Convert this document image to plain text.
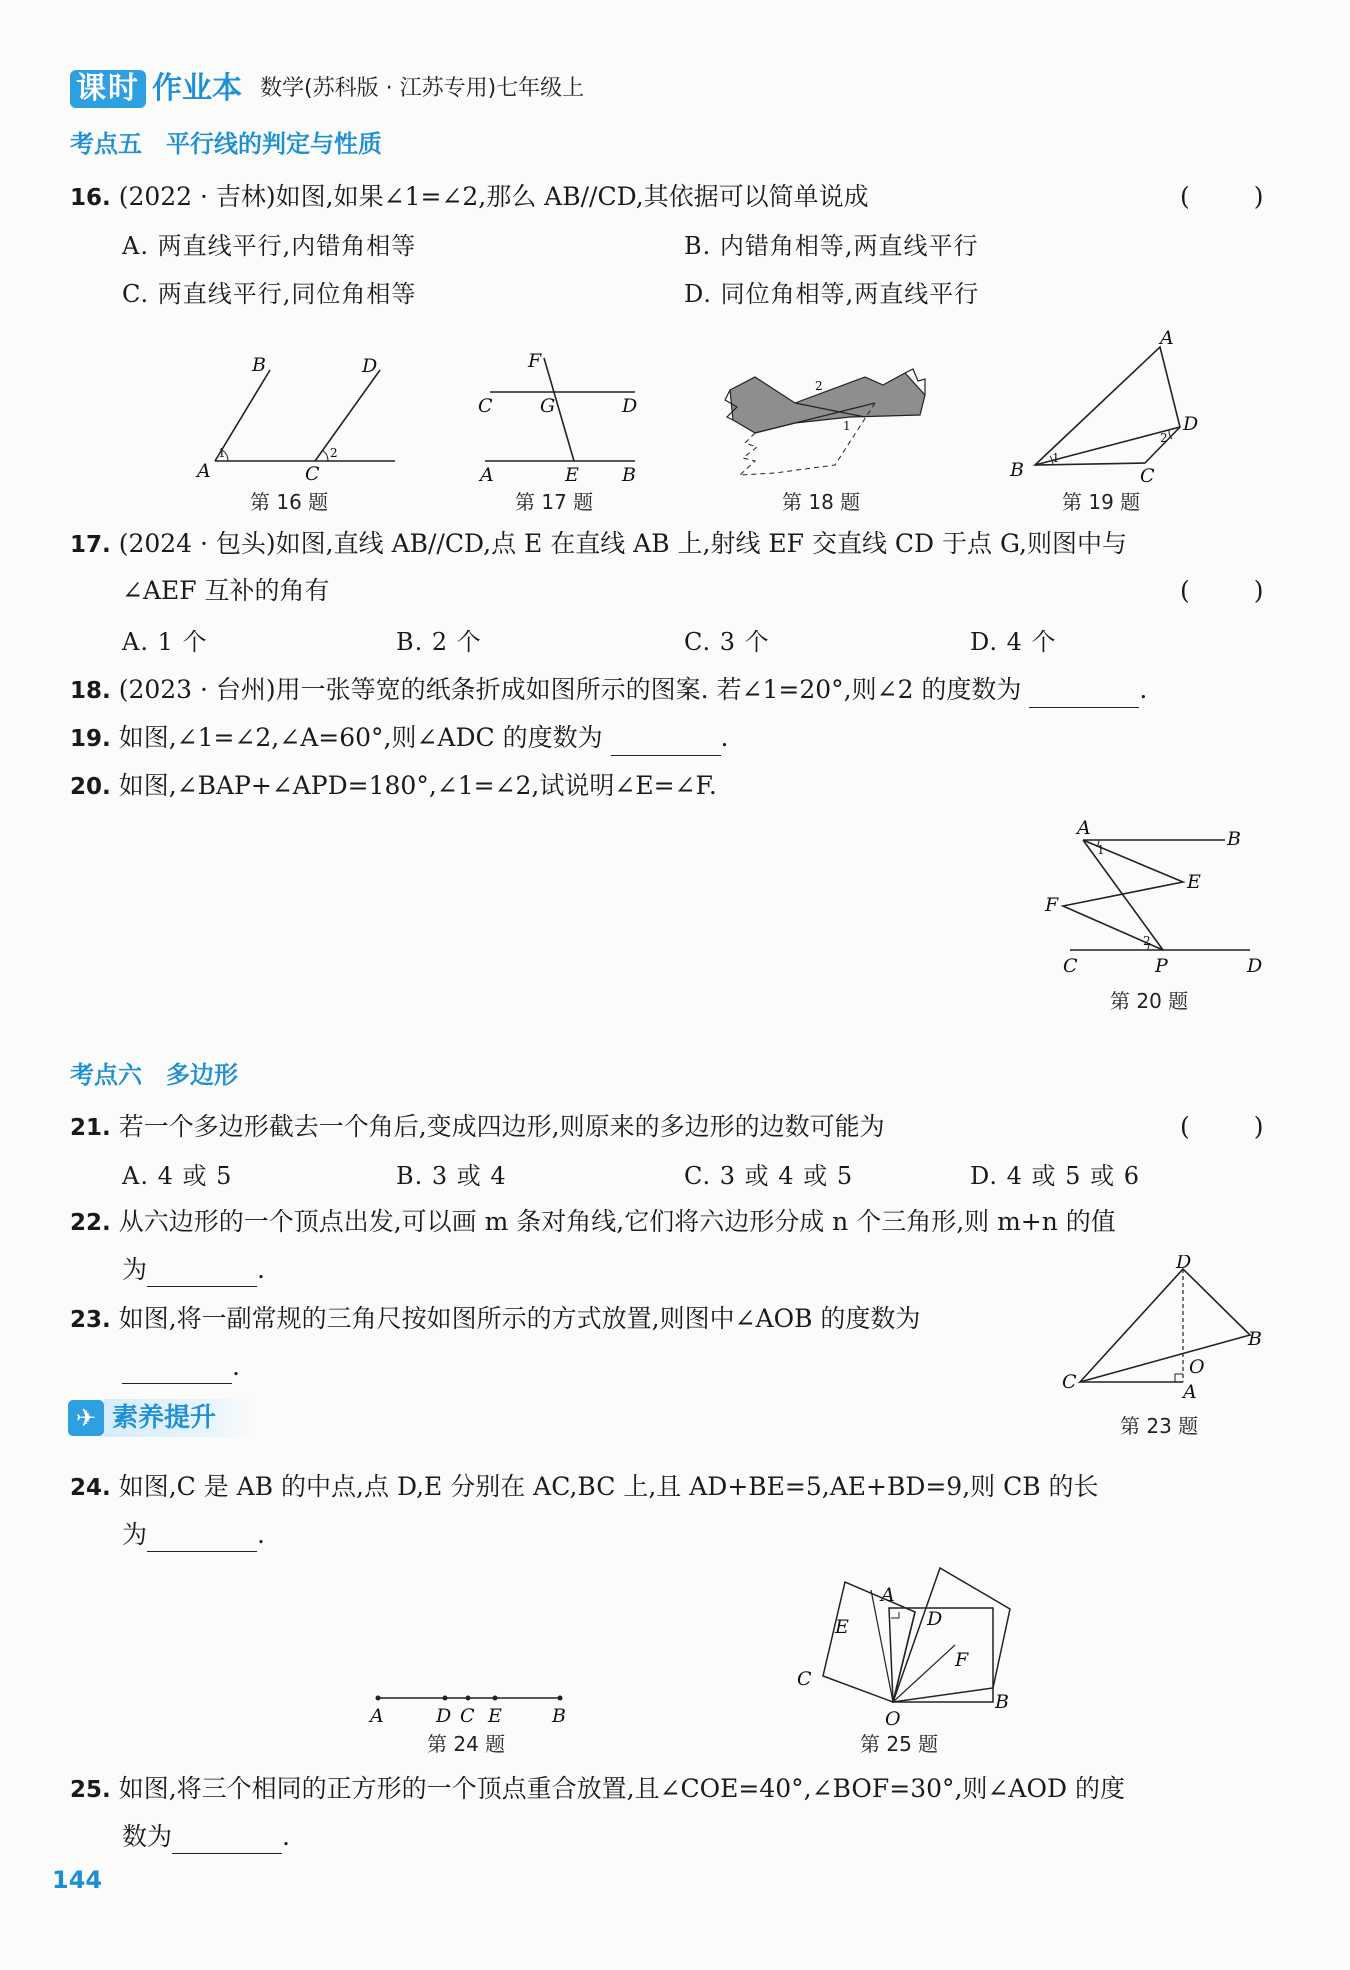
课时 作业本 数学(苏科版 · 江苏专用)七年级上
考点五　平行线的判定与性质
16. (2022 · 吉林)如图,如果∠1=∠2,那么 AB//CD,其依据可以简单说成	( )
A. 两直线平行,内错角相等	B. 内错角相等,两直线平行
C. 两直线平行,同位角相等	D. 同位角相等,两直线平行
A
B
C
D
1	2
第 16 题
F
C G	D
A	E B
第 17 题
2
1
第 18 题
A
D
B	C
1
2
第 19 题
17. (2024 · 包头)如图,直线 AB//CD,点 E 在直线 AB 上,射线 EF 交直线 CD 于点 G,则图中与
∠AEF 互补的角有	( )
A. 1 个	B. 2 个	C. 3 个	D. 4 个
18. (2023 · 台州)用一张等宽的纸条折成如图所示的图案. 若∠1=20°,则∠2 的度数为	.
19. 如图,∠1=∠2,∠A=60°,则∠ADC 的度数为	.
20. 如图,∠BAP+∠APD=180°,∠1=∠2,试说明∠E=∠F.
A	B
E
F
C	P	D
1
2
第 20 题
考点六　多边形
21. 若一个多边形截去一个角后,变成四边形,则原来的多边形的边数可能为	( )
A. 4 或 5	B. 3 或 4	C. 3 或 4 或 5	D. 4 或 5 或 6
22. 从六边形的一个顶点出发,可以画 m 条对角线,它们将六边形分成 n 个三角形,则 m+n 的值
为	.
23. 如图,将一副常规的三角尺按如图所示的方式放置,则图中∠AOB 的度数为
.
D
B
C
O
A
第 23 题
✈ 素养提升
24. 如图,C 是 AB 的中点,点 D,E 分别在 AC,BC 上,且 AD+BE=5,AE+BD=9,则 CB 的长
为	.
A	D C E	B
第 24 题
E
A
D
F
C
O
B
第 25 题
25. 如图,将三个相同的正方形的一个顶点重合放置,且∠COE=40°,∠BOF=30°,则∠AOD 的度
数为	.
144
